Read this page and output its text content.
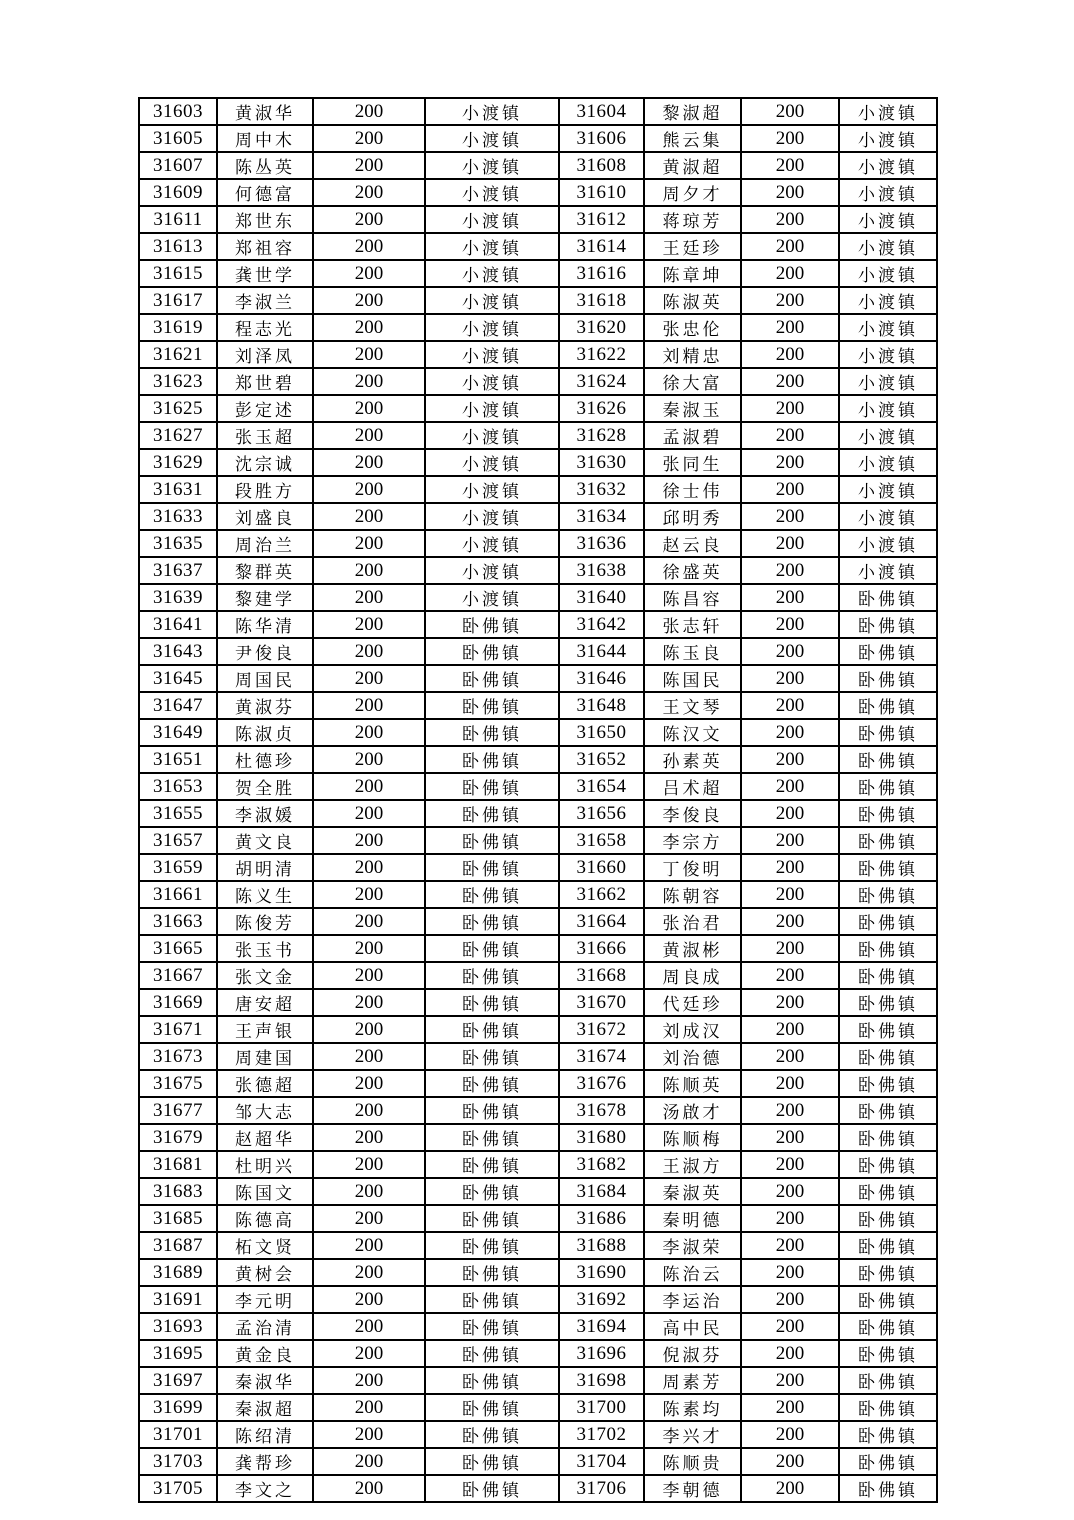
31603	黄淑华	200	小渡镇	31604	黎淑超	200	小渡镇
31605	周中木	200	小渡镇	31606	熊云集	200	小渡镇
31607	陈丛英	200	小渡镇	31608	黄淑超	200	小渡镇
31609	何德富	200	小渡镇	31610	周夕才	200	小渡镇
31611	郑世东	200	小渡镇	31612	蒋琼芳	200	小渡镇
31613	郑祖容	200	小渡镇	31614	王廷珍	200	小渡镇
31615	龚世学	200	小渡镇	31616	陈章坤	200	小渡镇
31617	李淑兰	200	小渡镇	31618	陈淑英	200	小渡镇
31619	程志光	200	小渡镇	31620	张忠伦	200	小渡镇
31621	刘泽凤	200	小渡镇	31622	刘精忠	200	小渡镇
31623	郑世碧	200	小渡镇	31624	徐大富	200	小渡镇
31625	彭定述	200	小渡镇	31626	秦淑玉	200	小渡镇
31627	张玉超	200	小渡镇	31628	孟淑碧	200	小渡镇
31629	沈宗诚	200	小渡镇	31630	张同生	200	小渡镇
31631	段胜方	200	小渡镇	31632	徐士伟	200	小渡镇
31633	刘盛良	200	小渡镇	31634	邱明秀	200	小渡镇
31635	周治兰	200	小渡镇	31636	赵云良	200	小渡镇
31637	黎群英	200	小渡镇	31638	徐盛英	200	小渡镇
31639	黎建学	200	小渡镇	31640	陈昌容	200	卧佛镇
31641	陈华清	200	卧佛镇	31642	张志轩	200	卧佛镇
31643	尹俊良	200	卧佛镇	31644	陈玉良	200	卧佛镇
31645	周国民	200	卧佛镇	31646	陈国民	200	卧佛镇
31647	黄淑芬	200	卧佛镇	31648	王文琴	200	卧佛镇
31649	陈淑贞	200	卧佛镇	31650	陈汉文	200	卧佛镇
31651	杜德珍	200	卧佛镇	31652	孙素英	200	卧佛镇
31653	贺全胜	200	卧佛镇	31654	吕术超	200	卧佛镇
31655	李淑媛	200	卧佛镇	31656	李俊良	200	卧佛镇
31657	黄文良	200	卧佛镇	31658	李宗方	200	卧佛镇
31659	胡明清	200	卧佛镇	31660	丁俊明	200	卧佛镇
31661	陈义生	200	卧佛镇	31662	陈朝容	200	卧佛镇
31663	陈俊芳	200	卧佛镇	31664	张治君	200	卧佛镇
31665	张玉书	200	卧佛镇	31666	黄淑彬	200	卧佛镇
31667	张文金	200	卧佛镇	31668	周良成	200	卧佛镇
31669	唐安超	200	卧佛镇	31670	代廷珍	200	卧佛镇
31671	王声银	200	卧佛镇	31672	刘成汉	200	卧佛镇
31673	周建国	200	卧佛镇	31674	刘治德	200	卧佛镇
31675	张德超	200	卧佛镇	31676	陈顺英	200	卧佛镇
31677	邹大志	200	卧佛镇	31678	汤啟才	200	卧佛镇
31679	赵超华	200	卧佛镇	31680	陈顺梅	200	卧佛镇
31681	杜明兴	200	卧佛镇	31682	王淑方	200	卧佛镇
31683	陈国文	200	卧佛镇	31684	秦淑英	200	卧佛镇
31685	陈德高	200	卧佛镇	31686	秦明德	200	卧佛镇
31687	柘文贤	200	卧佛镇	31688	李淑荣	200	卧佛镇
31689	黄树会	200	卧佛镇	31690	陈治云	200	卧佛镇
31691	李元明	200	卧佛镇	31692	李运治	200	卧佛镇
31693	孟治清	200	卧佛镇	31694	高中民	200	卧佛镇
31695	黄金良	200	卧佛镇	31696	倪淑芬	200	卧佛镇
31697	秦淑华	200	卧佛镇	31698	周素芳	200	卧佛镇
31699	秦淑超	200	卧佛镇	31700	陈素均	200	卧佛镇
31701	陈绍清	200	卧佛镇	31702	李兴才	200	卧佛镇
31703	龚帮珍	200	卧佛镇	31704	陈顺贵	200	卧佛镇
31705	李文之	200	卧佛镇	31706	李朝德	200	卧佛镇
